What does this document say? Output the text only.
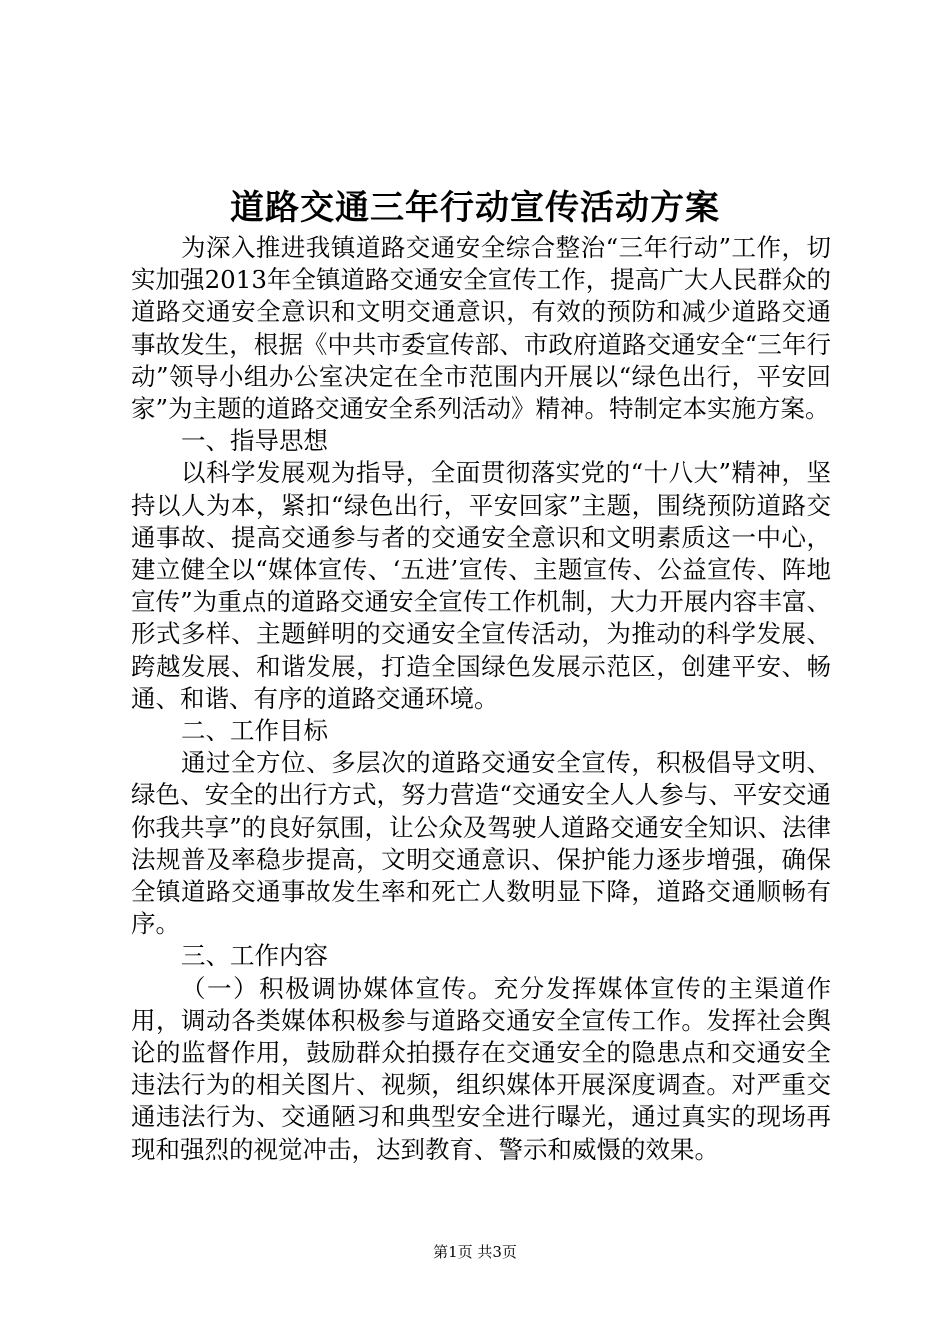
道路交通三年行动宣传活动方案

为深入推进我镇道路交通安全综合整治“三年行动”工作，切实加强2013年全镇道路交通安全宣传工作，提高广大人民群众的道路交通安全意识和文明交通意识，有效的预防和减少道路交通事故发生，根据《中共市委宣传部、市政府道路交通安全“三年行动”领导小组办公室决定在全市范围内开展以“绿色出行，平安回家”为主题的道路交通安全系列活动》精神。特制定本实施方案。

一、指导思想

以科学发展观为指导，全面贯彻落实党的“十八大”精神，坚持以人为本，紧扣“绿色出行，平安回家”主题，围绕预防道路交通事故、提高交通参与者的交通安全意识和文明素质这一中心，建立健全以“媒体宣传、‘五进’宣传、主题宣传、公益宣传、阵地宣传”为重点的道路交通安全宣传工作机制，大力开展内容丰富、形式多样、主题鲜明的交通安全宣传活动，为推动的科学发展、跨越发展、和谐发展，打造全国绿色发展示范区，创建平安、畅通、和谐、有序的道路交通环境。

二、工作目标

通过全方位、多层次的道路交通安全宣传，积极倡导文明、绿色、安全的出行方式，努力营造“交通安全人人参与、平安交通你我共享”的良好氛围，让公众及驾驶人道路交通安全知识、法律法规普及率稳步提高，文明交通意识、保护能力逐步增强，确保全镇道路交通事故发生率和死亡人数明显下降，道路交通顺畅有序。

三、工作内容

（一）积极调协媒体宣传。充分发挥媒体宣传的主渠道作用，调动各类媒体积极参与道路交通安全宣传工作。发挥社会舆论的监督作用，鼓励群众拍摄存在交通安全的隐患点和交通安全违法行为的相关图片、视频，组织媒体开展深度调查。对严重交通违法行为、交通陋习和典型安全进行曝光，通过真实的现场再现和强烈的视觉冲击，达到教育、警示和威慑的效果。

第1页 共3页
